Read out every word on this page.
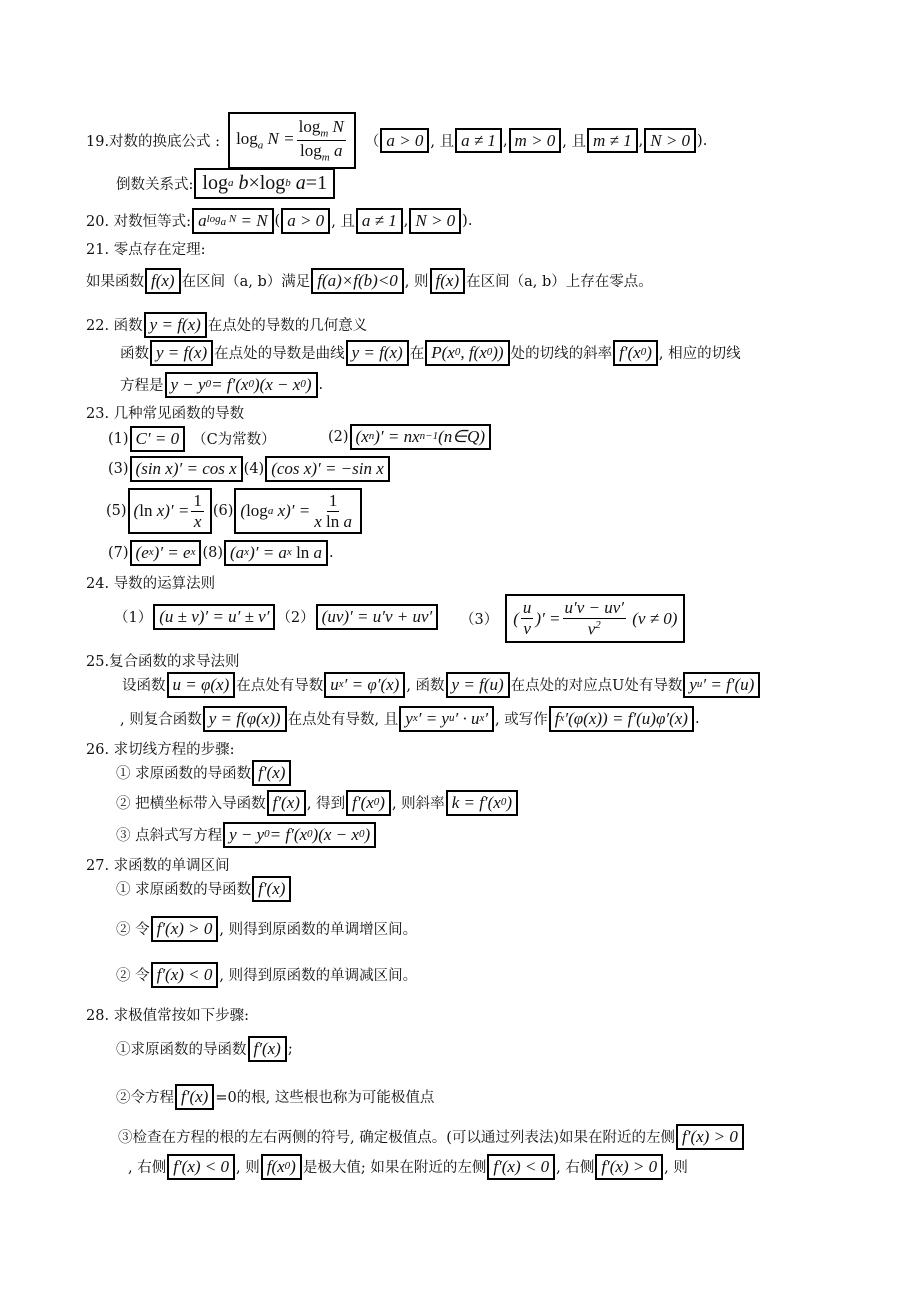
19.对数的换底公式 : $\log_a N = \frac{\log_m N}{\log_m a}$ （ a > 0 , 且 a ≠ 1 , m > 0 , 且 m ≠ 1 , N > 0 ).
倒数关系式: log a b × log b a =1
20. 对数恒等式: a $\log_a N = N$ ( a > 0 , 且 a ≠ 1 , N > 0 ).
21. 零点存在定理:
如果函数 f(x) 在区间（a, b）满足 f(a)×f(b)<0 , 则 f(x) 在区间（a, b）上存在零点。
22. 函数 y = f(x) 在点处的导数的几何意义
函数 y = f(x) 在点处的导数是曲线 y = f(x) 在 P(x 0 , f(x 0 )) 处的切线的斜率 f′(x 0 ) , 相应的切线
方程是 y − y 0 = f′(x 0 )(x − x 0 ) .
23. 几种常见函数的导数
(1) C′ = 0 （C为常数）	(2) (x n )′ = nx n−1 (n∈Q)
(3) (sin x)′ = cos x (4) (cos x)′ = −sin x
(5) ( $\ln x)' = \frac{1}{x} (6)$ ( log a $x)' = \frac{1}{\text{x ln a}}$
(7) (e x )′ = e x (8) (a x )′ = a x
ln a .
24. 导数的运算法则
（1） (u ± v)′ = u′ ± v′ （2） (uv)′ = u′v + uv′	（3） ( $\frac{u}{v}$ )′ = $\frac{u'v - uv'}{v^2} (v \ne 0)$
25.复合函数的求导法则
设函数 u = φ(x) 在点处有导数 u x ′ = φ′(x) , 函数 y = f(u) 在点处的对应点U处有导数 y u ′ = f′(u)
, 则复合函数 y = f(φ(x)) 在点处有导数, 且 y x ′ = y u ′ · u x ′ , 或写作 f x ′(φ(x)) = f′(u)φ′(x) .
26. 求切线方程的步骤:
① 求原函数的导函数 f′(x)
② 把横坐标带入导函数 f′(x) , 得到 f′(x 0 ) , 则斜率 k = f′(x 0 )
③ 点斜式写方程 y − y 0 = f′(x 0 )(x − x 0 )
27. 求函数的单调区间
① 求原函数的导函数 f′(x)
② 令 f′(x) > 0 , 则得到原函数的单调增区间。
② 令 f′(x) < 0 , 则得到原函数的单调减区间。
28. 求极值常按如下步骤:
①求原函数的导函数 f′(x) ;
②令方程 f′(x) =0的根, 这些根也称为可能极值点
③检查在方程的根的左右两侧的符号, 确定极值点。(可以通过列表法)如果在附近的左侧 f′(x) > 0
, 右侧 f′(x) < 0 , 则 f(x 0 ) 是极大值; 如果在附近的左侧 f′(x) < 0 , 右侧 f′(x) > 0 , 则
